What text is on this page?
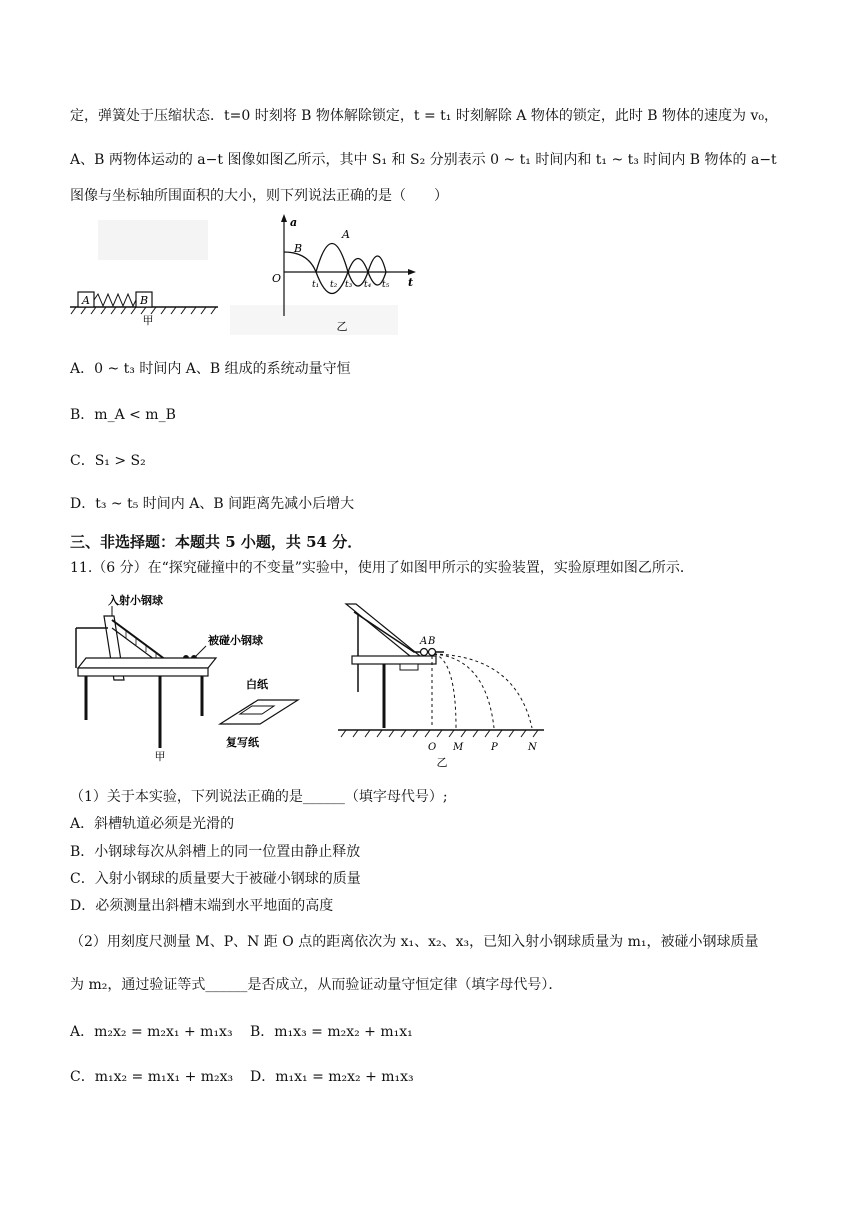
定，弹簧处于压缩状态．t=0 时刻将 B 物体解除锁定，t = t₁ 时刻解除 A 物体的锁定，此时 B 物体的速度为 v₀，
A、B 两物体运动的 a−t 图像如图乙所示，其中 S₁ 和 S₂ 分别表示 0 ~ t₁ 时间内和 t₁ ~ t₃ 时间内 B 物体的 a−t
图像与坐标轴所围面积的大小，则下列说法正确的是（　　）
A	B
甲
a
t
O
A
B
t₁ t₂ t₃ t₄ t₅
乙
A．0 ~ t₃ 时间内 A、B 组成的系统动量守恒
B．m_A < m_B
C．S₁ > S₂
D．t₃ ~ t₅ 时间内 A、B 间距离先减小后增大
三、非选择题：本题共 5 小题，共 54 分．
11.（6 分）在“探究碰撞中的不变量”实验中，使用了如图甲所示的实验装置，实验原理如图乙所示．
入射小钢球
被碰小钢球
白纸
复写纸
甲
A B
O M	P	N
乙
（1）关于本实验，下列说法正确的是______（填字母代号）;
A．斜槽轨道必须是光滑的
B．小钢球每次从斜槽上的同一位置由静止释放
C．入射小钢球的质量要大于被碰小钢球的质量
D．必须测量出斜槽末端到水平地面的高度
（2）用刻度尺测量 M、P、N 距 O 点的距离依次为 x₁、x₂、x₃，已知入射小钢球质量为 m₁，被碰小钢球质量
为 m₂，通过验证等式______是否成立，从而验证动量守恒定律（填字母代号）．
A．m₂x₂ = m₂x₁ + m₁x₃ B．m₁x₃ = m₂x₂ + m₁x₁
C．m₁x₂ = m₁x₁ + m₂x₃ D．m₁x₁ = m₂x₂ + m₁x₃
